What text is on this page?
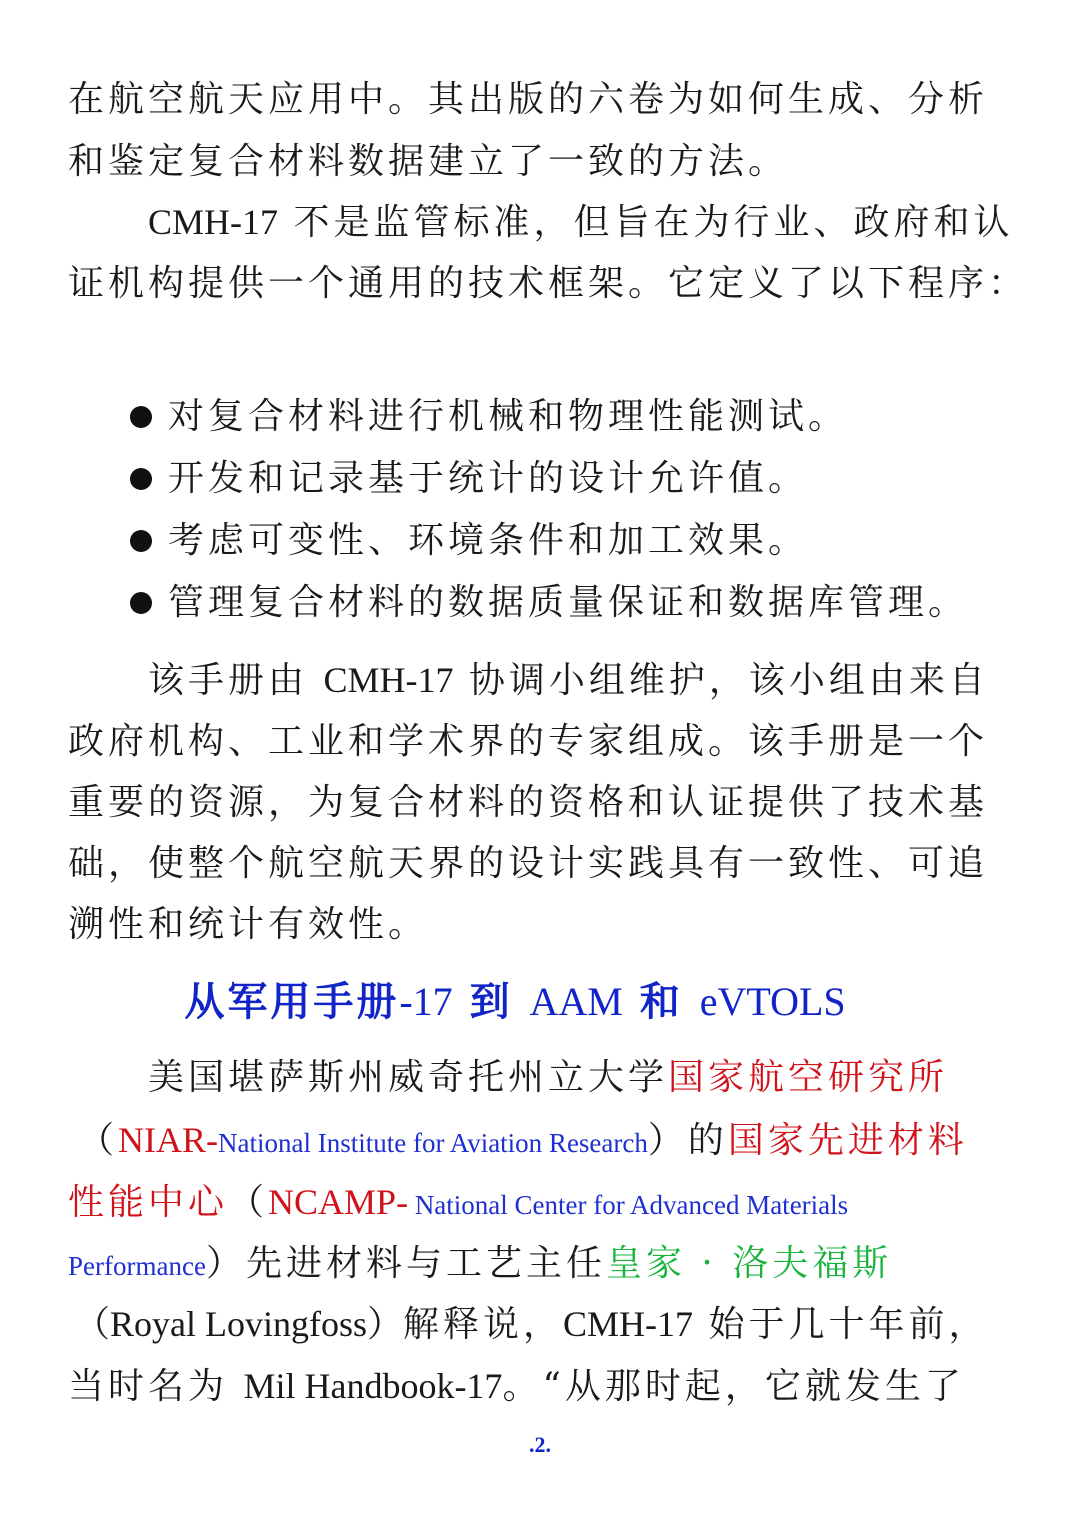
在航空航天应用中。其出版的六卷为如何生成、分析
和鉴定复合材料数据建立了一致的方法。
CMH-17 不是监管标准，但旨在为行业、政府和认
证机构提供一个通用的技术框架。它定义了以下程序：
对复合材料进行机械和物理性能测试。
开发和记录基于统计的设计允许值。
考虑可变性、环境条件和加工效果。
管理复合材料的数据质量保证和数据库管理。
该手册由 CMH-17 协调小组维护，该小组由来自
政府机构、工业和学术界的专家组成。该手册是一个
重要的资源，为复合材料的资格和认证提供了技术基
础，使整个航空航天界的设计实践具有一致性、可追
溯性和统计有效性。
从军用手册-17 到 AAM 和 eVTOLS
美国堪萨斯州威奇托州立大学国家航空研究所
（NIAR-National Institute for Aviation Research）的国家先进材料
性能中心（NCAMP- National Center for Advanced Materials
Performance）先进材料与工艺主任皇家 · 洛夫福斯
（Royal Lovingfoss）解释说，CMH-17 始于几十年前，
当时名为 Mil Handbook-17。“从那时起，它就发生了
.2.
